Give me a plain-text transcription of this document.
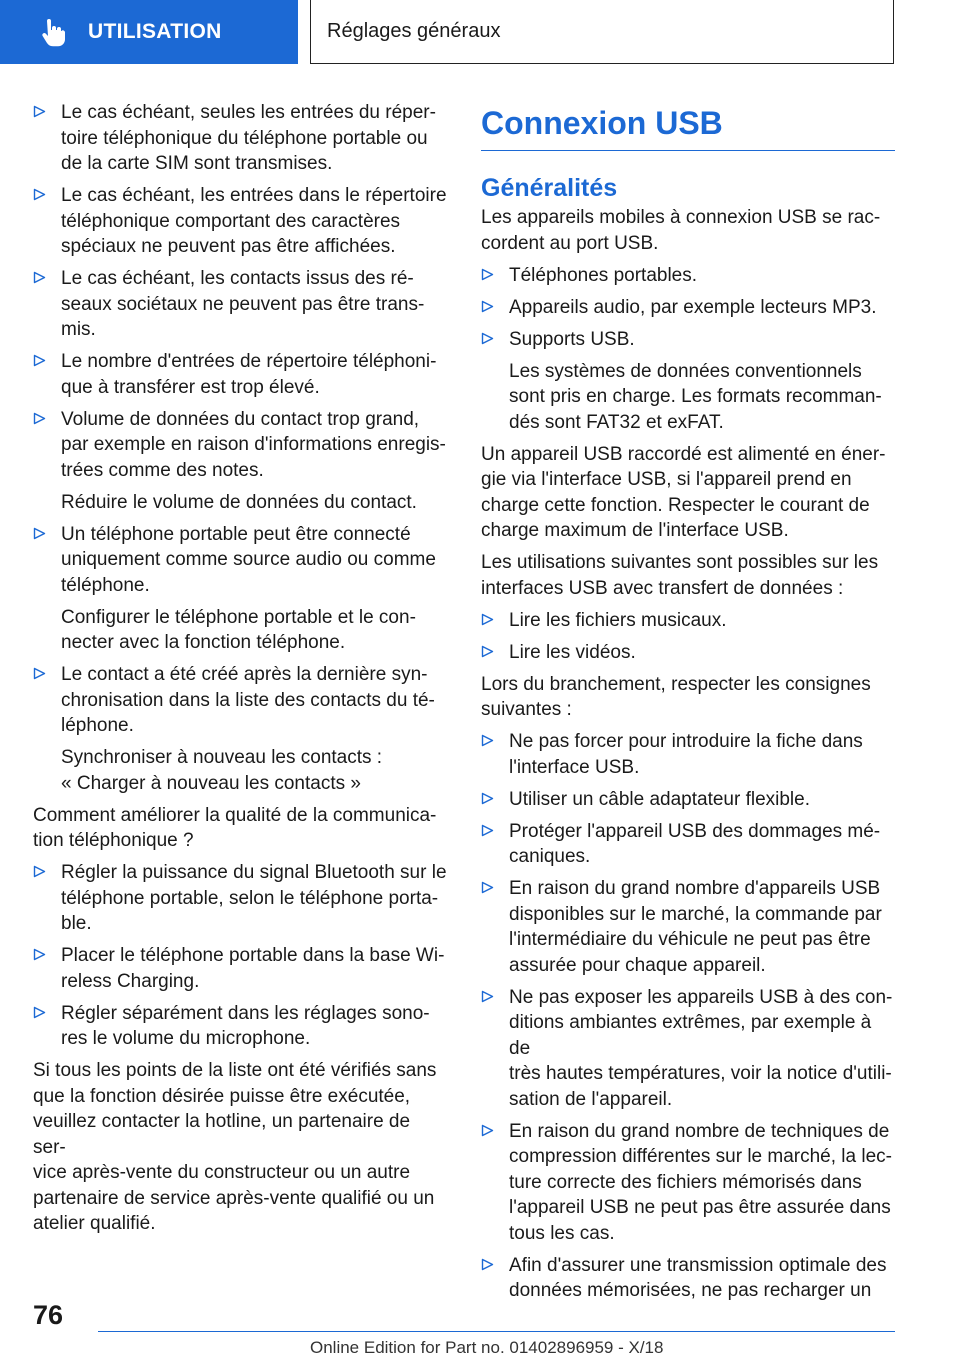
UTILISATION	Réglages généraux
Le cas échéant, seules les entrées du réper-
toire téléphonique du téléphone portable ou
de la carte SIM sont transmises.
Le cas échéant, les entrées dans le répertoire
téléphonique comportant des caractères
spéciaux ne peuvent pas être affichées.
Le cas échéant, les contacts issus des ré-
seaux sociétaux ne peuvent pas être trans-
mis.
Le nombre d'entrées de répertoire téléphoni-
que à transférer est trop élevé.
Volume de données du contact trop grand,
par exemple en raison d'informations enregis-
trées comme des notes.
Réduire le volume de données du contact.
Un téléphone portable peut être connecté
uniquement comme source audio ou comme
téléphone.
Configurer le téléphone portable et le con-
necter avec la fonction téléphone.
Le contact a été créé après la dernière syn-
chronisation dans la liste des contacts du té-
léphone.
Synchroniser à nouveau les contacts :
« Charger à nouveau les contacts »
Comment améliorer la qualité de la communica-
tion téléphonique ?
Régler la puissance du signal Bluetooth sur le
téléphone portable, selon le téléphone porta-
ble.
Placer le téléphone portable dans la base Wi-
reless Charging.
Régler séparément dans les réglages sono-
res le volume du microphone.
Si tous les points de la liste ont été vérifiés sans
que la fonction désirée puisse être exécutée,
veuillez contacter la hotline, un partenaire de ser-
vice après-vente du constructeur ou un autre
partenaire de service après-vente qualifié ou un
atelier qualifié.
Connexion USB
Généralités
Les appareils mobiles à connexion USB se rac-
cordent au port USB.
Téléphones portables.
Appareils audio, par exemple lecteurs MP3.
Supports USB.
Les systèmes de données conventionnels
sont pris en charge. Les formats recomman-
dés sont FAT32 et exFAT.
Un appareil USB raccordé est alimenté en éner-
gie via l'interface USB, si l'appareil prend en
charge cette fonction. Respecter le courant de
charge maximum de l'interface USB.
Les utilisations suivantes sont possibles sur les
interfaces USB avec transfert de données :
Lire les fichiers musicaux.
Lire les vidéos.
Lors du branchement, respecter les consignes
suivantes :
Ne pas forcer pour introduire la fiche dans
l'interface USB.
Utiliser un câble adaptateur flexible.
Protéger l'appareil USB des dommages mé-
caniques.
En raison du grand nombre d'appareils USB
disponibles sur le marché, la commande par
l'intermédiaire du véhicule ne peut pas être
assurée pour chaque appareil.
Ne pas exposer les appareils USB à des con-
ditions ambiantes extrêmes, par exemple à de
très hautes températures, voir la notice d'utili-
sation de l'appareil.
En raison du grand nombre de techniques de
compression différentes sur le marché, la lec-
ture correcte des fichiers mémorisés dans
l'appareil USB ne peut pas être assurée dans
tous les cas.
Afin d'assurer une transmission optimale des
données mémorisées, ne pas recharger un
76
Online Edition for Part no. 01402896959 - X/18
